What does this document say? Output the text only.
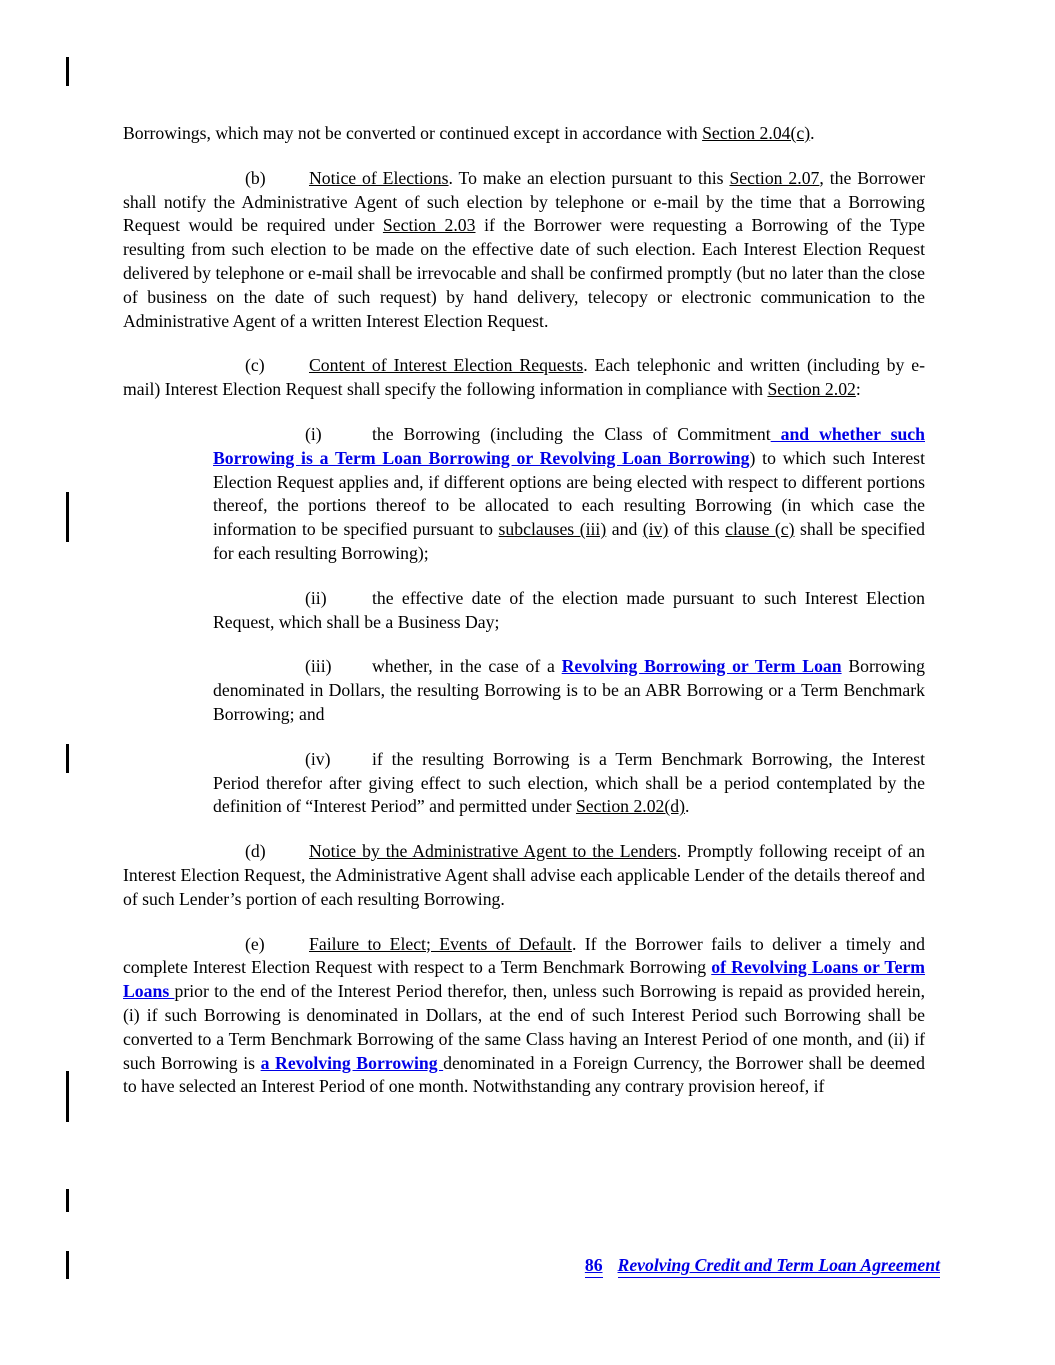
Borrowings, which may not be converted or continued except in accordance with Section 2.04(c).

(b) Notice of Elections. To make an election pursuant to this Section 2.07, the Borrower shall notify the Administrative Agent of such election by telephone or e-mail by the time that a Borrowing Request would be required under Section 2.03 if the Borrower were requesting a Borrowing of the Type resulting from such election to be made on the effective date of such election. Each Interest Election Request delivered by telephone or e-mail shall be irrevocable and shall be confirmed promptly (but no later than the close of business on the date of such request) by hand delivery, telecopy or electronic communication to the Administrative Agent of a written Interest Election Request.

(c)	Content of Interest Election Requests. Each telephonic and written (including by e-mail) Interest Election Request shall specify the following information in compliance with Section 2.02:

(i)	the Borrowing (including the Class of Commitment and whether such Borrowing is a Term Loan Borrowing or Revolving Loan Borrowing) to which such Interest Election Request applies and, if different options are being elected with respect to different portions thereof, the portions thereof to be allocated to each resulting Borrowing (in which case the information to be specified pursuant to subclauses (iii) and (iv) of this clause (c) shall be specified for each resulting Borrowing);

(ii)	the effective date of the election made pursuant to such Interest Election Request, which shall be a Business Day;

(iii) whether, in the case of a Revolving Borrowing or Term Loan Borrowing denominated in Dollars, the resulting Borrowing is to be an ABR Borrowing or a Term Benchmark Borrowing; and

(iv) if the resulting Borrowing is a Term Benchmark Borrowing, the Interest Period therefor after giving effect to such election, which shall be a period contemplated by the definition of “Interest Period” and permitted under Section 2.02(d).

(d) Notice by the Administrative Agent to the Lenders. Promptly following receipt of an Interest Election Request, the Administrative Agent shall advise each applicable Lender of the details thereof and of such Lender’s portion of each resulting Borrowing.

(e)	Failure to Elect; Events of Default. If the Borrower fails to deliver a timely and complete Interest Election Request with respect to a Term Benchmark Borrowing of Revolving Loans or Term Loans prior to the end of the Interest Period therefor, then, unless such Borrowing is repaid as provided herein, (i) if such Borrowing is denominated in Dollars, at the end of such Interest Period such Borrowing shall be converted to a Term Benchmark Borrowing of the same Class having an Interest Period of one month, and (ii) if such Borrowing is a Revolving Borrowing denominated in a Foreign Currency, the Borrower shall be deemed to have selected an Interest Period of one month. Notwithstanding any contrary provision hereof, if

86 Revolving Credit and Term Loan Agreement
